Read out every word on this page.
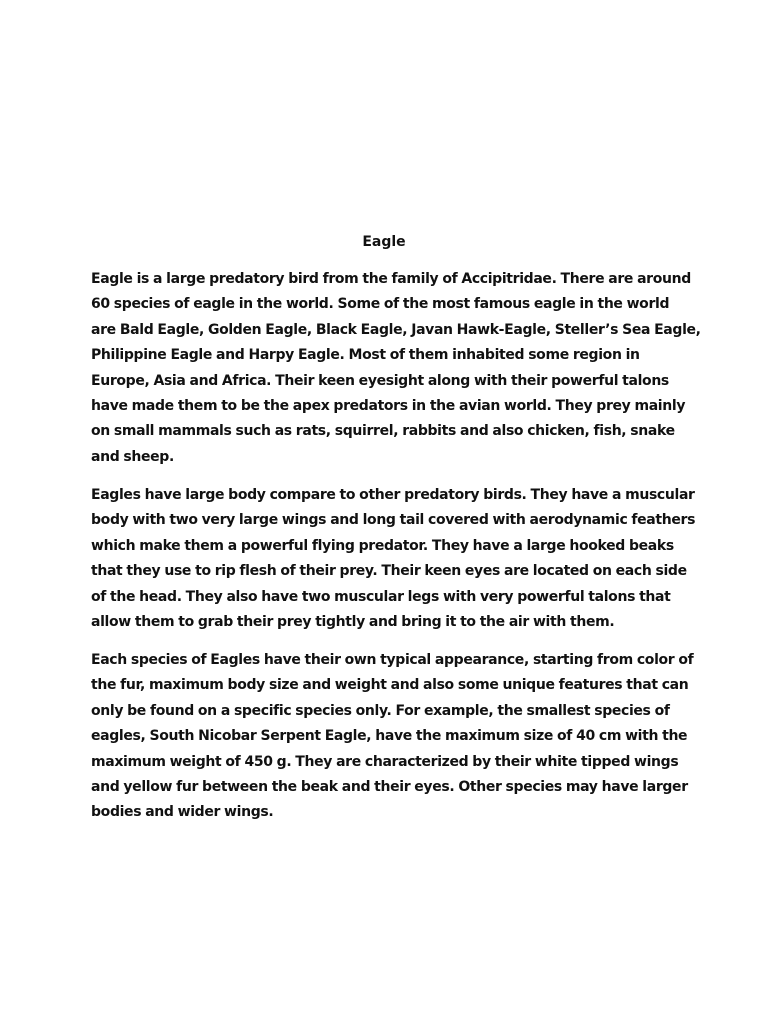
Eagle

Eagle is a large predatory bird from the family of Accipitridae. There are around
60 species of eagle in the world. Some of the most famous eagle in the world
are Bald Eagle, Golden Eagle, Black Eagle, Javan Hawk-Eagle, Steller’s Sea Eagle,
Philippine Eagle and Harpy Eagle. Most of them inhabited some region in
Europe, Asia and Africa. Their keen eyesight along with their powerful talons
have made them to be the apex predators in the avian world. They prey mainly
on small mammals such as rats, squirrel, rabbits and also chicken, fish, snake
and sheep.

Eagles have large body compare to other predatory birds. They have a muscular
body with two very large wings and long tail covered with aerodynamic feathers
which make them a powerful flying predator. They have a large hooked beaks
that they use to rip flesh of their prey. Their keen eyes are located on each side
of the head. They also have two muscular legs with very powerful talons that
allow them to grab their prey tightly and bring it to the air with them.

Each species of Eagles have their own typical appearance, starting from color of
the fur, maximum body size and weight and also some unique features that can
only be found on a specific species only. For example, the smallest species of
eagles, South Nicobar Serpent Eagle, have the maximum size of 40 cm with the
maximum weight of 450 g. They are characterized by their white tipped wings
and yellow fur between the beak and their eyes. Other species may have larger
bodies and wider wings.
